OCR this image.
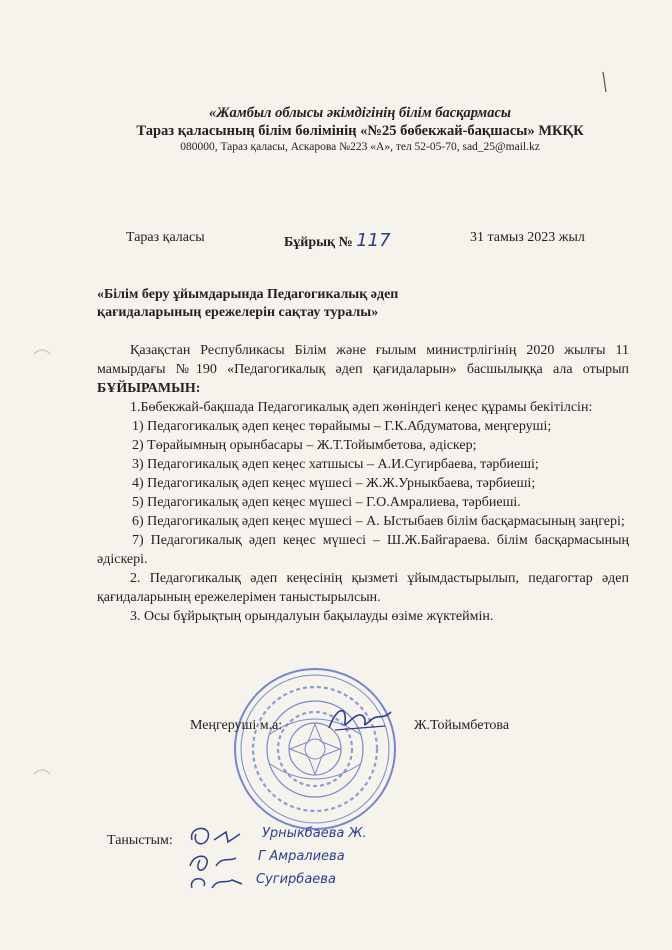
«Жамбыл облысы әкімдігінің білім басқармасы
Тараз қаласының білім бөлімінің «№25 бөбекжай-бақшасы» МКҚК
080000, Тараз қаласы, Аскарова №223 «А», тел 52-05-70, sad_25@mail.kz
Тараз қаласы	Бұйрық № 117	31 тамыз 2023 жыл
«Білім беру ұйымдарында Педагогикалық әдеп
қағидаларының ережелерін сақтау туралы»

Қазақстан Республикасы Білім және ғылым министрлігінің 2020 жылғы 11 мамырдағы №190 «Педагогикалық әдеп қағидаларын» басшылыққа ала отырып БҰЙЫРАМЫН:

1.Бөбекжай-бақшада Педагогикалық әдеп жөніндегі кеңес құрамы бекітілсін:

1) Педагогикалық әдеп кеңес төрайымы – Г.К.Абдуматова, меңгеруші;

2) Төрайымның орынбасары – Ж.Т.Тойымбетова, әдіскер;

3) Педагогикалық әдеп кеңес хатшысы – А.И.Сугирбаева, тәрбиеші;

4) Педагогикалық әдеп кеңес мүшесі – Ж.Ж.Урныкбаева, тәрбиеші;

5) Педагогикалық әдеп кеңес мүшесі – Г.О.Амралиева, тәрбиеші.

6) Педагогикалық әдеп кеңес мүшесі – А. Ыстыбаев білім басқармасының заңгері;

7) Педагогикалық әдеп кеңес мүшесі – Ш.Ж.Байгараева. білім басқармасының әдіскері.

2. Педагогикалық әдеп кеңесінің қызметі ұйымдастырылып, педагогтар әдеп қағидаларының ережелерімен таныстырылсын.

3. Осы бұйрықтың орындалуын бақылауды өзіме жүктеймін.

Меңгеруші м.а:	Ж.Тойымбетова
Таныстым:	Урныкбаева Ж.
Г Амралиева
Сугирбаева
